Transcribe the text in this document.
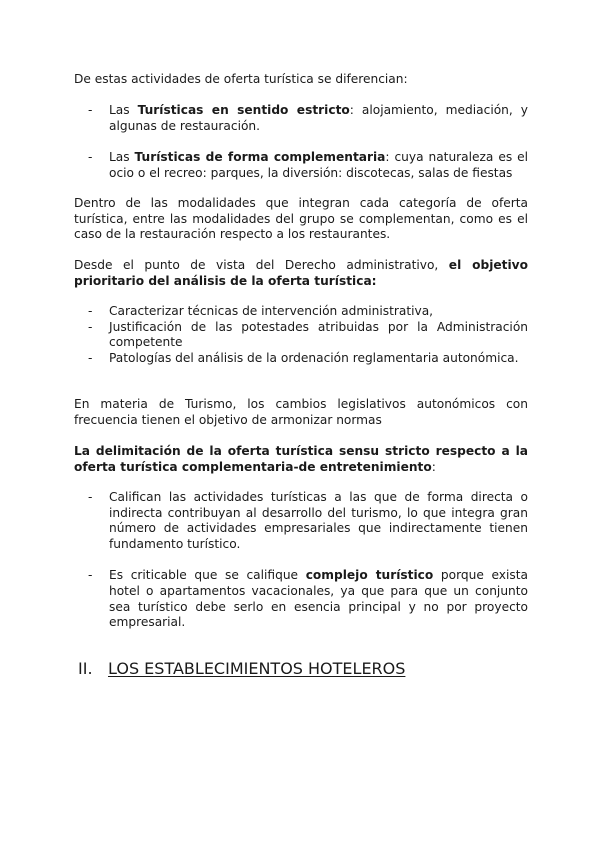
De estas actividades de oferta turística se diferencian:

- Las Turísticas en sentido estricto: alojamiento, mediación, y algunas de restauración.
- Las Turísticas de forma complementaria: cuya naturaleza es el ocio o el recreo: parques, la diversión: discotecas, salas de fiestas

Dentro de las modalidades que integran cada categoría de oferta turística, entre las modalidades del grupo se complementan, como es el caso de la restauración respecto a los restaurantes.

Desde el punto de vista del Derecho administrativo, el objetivo prioritario del análisis de la oferta turística:

- Caracterizar técnicas de intervención administrativa,
- Justificación de las potestades atribuidas por la Administración competente
- Patologías del análisis de la ordenación reglamentaria autonómica.

En materia de Turismo, los cambios legislativos autonómicos con frecuencia tienen el objetivo de armonizar normas

La delimitación de la oferta turística sensu stricto respecto a la oferta turística complementaria-de entretenimiento:

- Califican las actividades turísticas a las que de forma directa o indirecta contribuyan al desarrollo del turismo, lo que integra gran número de actividades empresariales que indirectamente tienen fundamento turístico.
- Es criticable que se califique complejo turístico porque exista hotel o apartamentos vacacionales, ya que para que un conjunto sea turístico debe serlo en esencia principal y no por proyecto empresarial.
II. LOS ESTABLECIMIENTOS HOTELEROS
